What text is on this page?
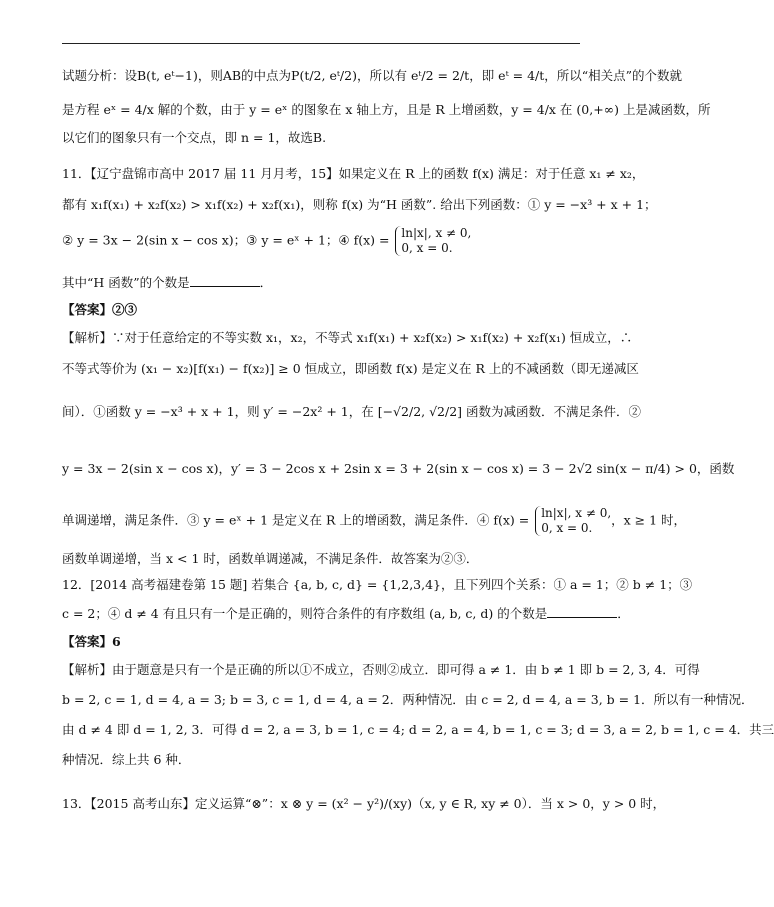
试题分析：设B(t, eᵗ−1)，则AB的中点为P(t/2, eᵗ/2)，所以有 eᵗ/2 = 2/t，即 eᵗ = 4/t，所以“相关点”的个数就
是方程 eˣ = 4/x 解的个数，由于 y = eˣ 的图象在 x 轴上方，且是 R 上增函数，y = 4/x 在 (0,+∞) 上是减函数，所
以它们的图象只有一个交点，即 n = 1，故选B.
11．【辽宁盘锦市高中 2017 届 11 月月考，15】如果定义在 R 上的函数 f(x) 满足：对于任意 x₁ ≠ x₂，
都有 x₁f(x₁) + x₂f(x₂) > x₁f(x₂) + x₂f(x₁)，则称 f(x) 为“H 函数”. 给出下列函数：① y = −x³ + x + 1；
② y = 3x − 2(sin x − cos x)；③ y = eˣ + 1；④ f(x) = ln|x|, x ≠ 0,
0, x = 0.
其中“H 函数”的个数是	．
【答案】②③
【解析】∵对于任意给定的不等实数 x₁，x₂，不等式 x₁f(x₁) + x₂f(x₂) > x₁f(x₂) + x₂f(x₁) 恒成立，∴
不等式等价为 (x₁ − x₂)[f(x₁) − f(x₂)] ≥ 0 恒成立，即函数 f(x) 是定义在 R 上的不减函数（即无递减区
间）．①函数 y = −x³ + x + 1，则 y′ = −2x² + 1，在 [−√2/2, √2/2] 函数为减函数．不满足条件．②
y = 3x − 2(sin x − cos x)，y′ = 3 − 2cos x + 2sin x = 3 + 2(sin x − cos x) = 3 − 2√2 sin(x − π/4) > 0，函数
单调递增，满足条件．③ y = eˣ + 1 是定义在 R 上的增函数，满足条件．④ f(x) = ln|x|, x ≠ 0,
0, x = 0.，x ≥ 1 时，
函数单调递增，当 x < 1 时，函数单调递减，不满足条件．故答案为②③．
12．[2014 高考福建卷第 15 题] 若集合 {a, b, c, d} = {1,2,3,4}，且下列四个关系：① a = 1；② b ≠ 1；③
c = 2；④ d ≠ 4 有且只有一个是正确的，则符合条件的有序数组 (a, b, c, d) 的个数是	．
【答案】6
【解析】由于题意是只有一个是正确的所以①不成立，否则②成立．即可得 a ≠ 1．由 b ≠ 1 即 b = 2, 3, 4．可得
b = 2, c = 1, d = 4, a = 3; b = 3, c = 1, d = 4, a = 2．两种情况．由 c = 2, d = 4, a = 3, b = 1．所以有一种情况．
由 d ≠ 4 即 d = 1, 2, 3．可得 d = 2, a = 3, b = 1, c = 4; d = 2, a = 4, b = 1, c = 3; d = 3, a = 2, b = 1, c = 4．共三
种情况．综上共 6 种．
13．【2015 高考山东】定义运算“⊗”：x ⊗ y = (x² − y²)/(xy)（x, y ∈ R, xy ≠ 0）．当 x > 0，y > 0 时，
